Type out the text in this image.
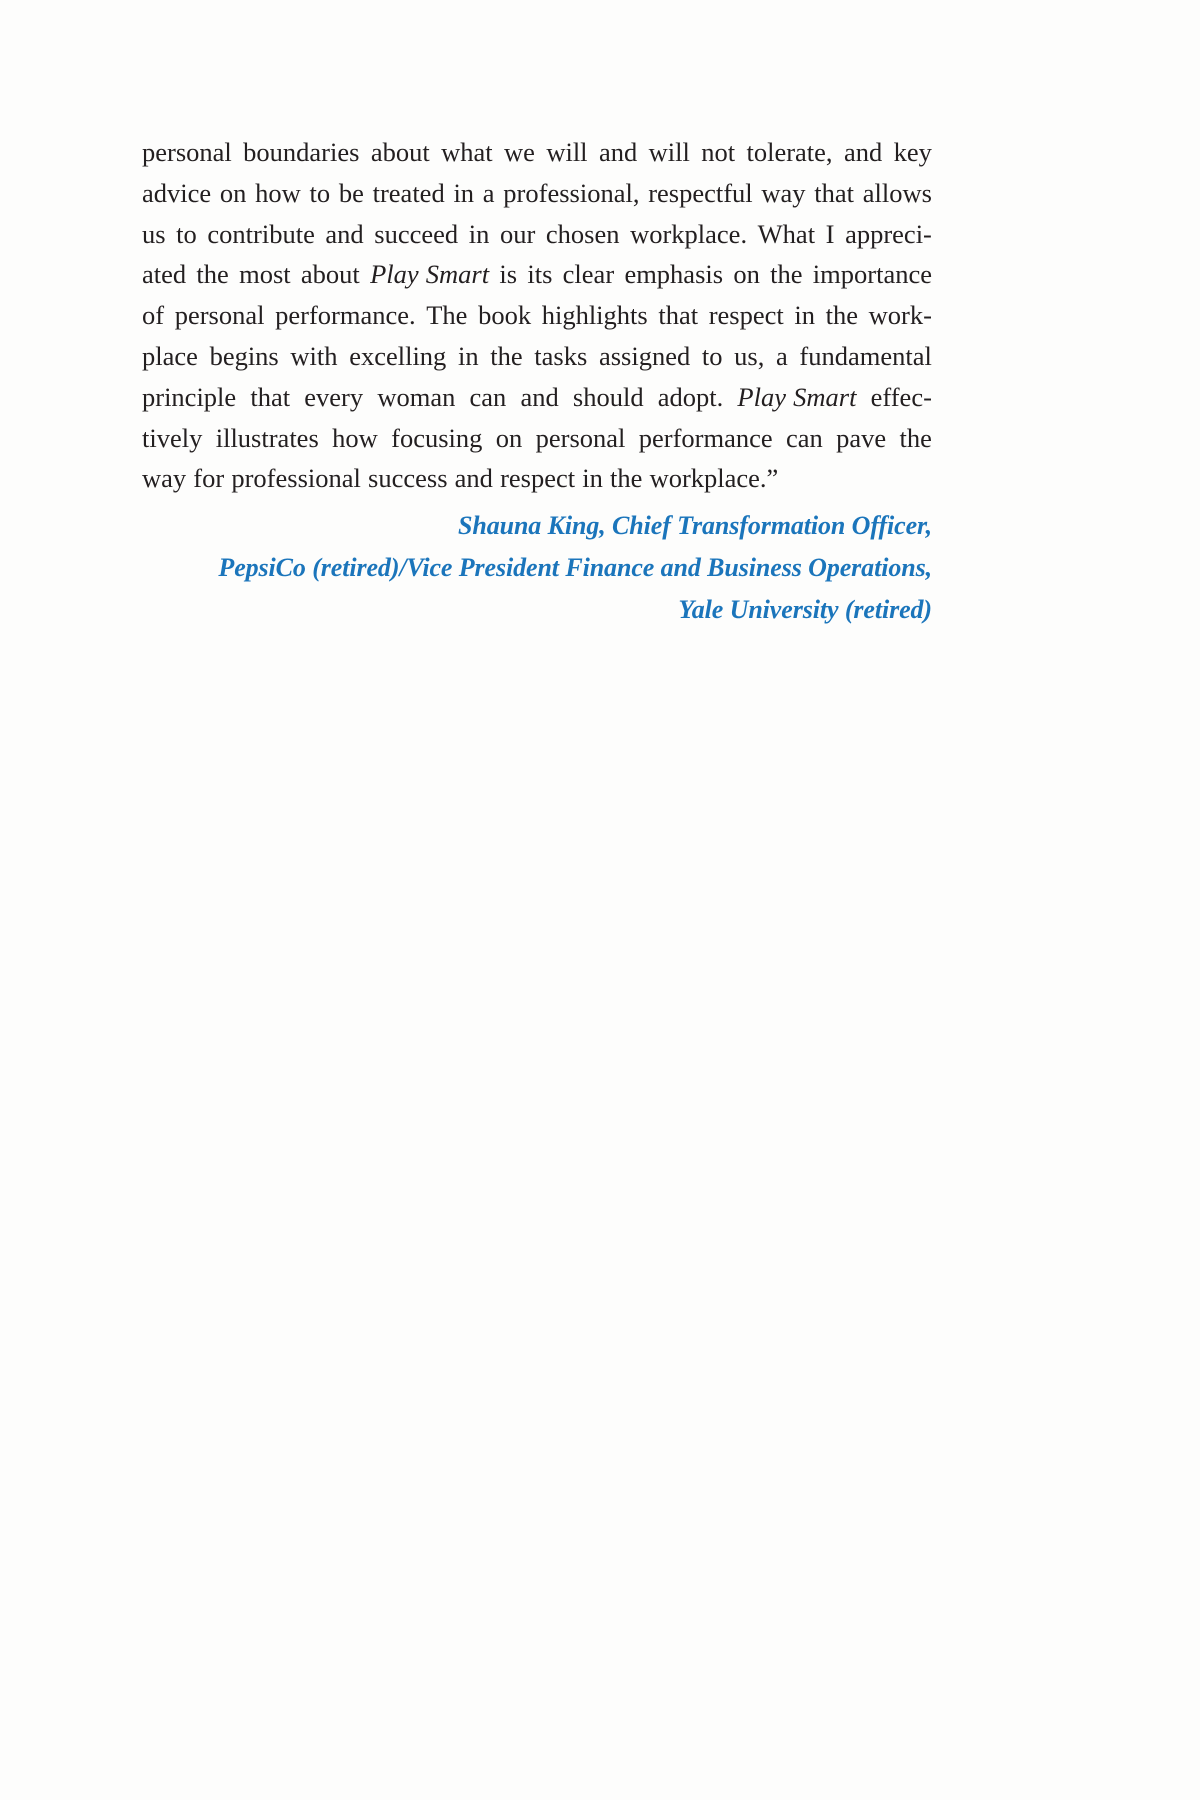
personal boundaries about what we will and will not tolerate, and key
advice on how to be treated in a professional, respectful way that allows
us to contribute and succeed in our chosen workplace. What I appreci-
ated the most about Play Smart is its clear emphasis on the importance
of personal performance. The book highlights that respect in the work-
place begins with excelling in the tasks assigned to us, a fundamental
principle that every woman can and should adopt. Play Smart effec-
tively illustrates how focusing on personal performance can pave the
way for professional success and respect in the workplace.”
Shauna King, Chief Transformation Officer,
PepsiCo (retired)/Vice President Finance and Business Operations,
Yale University (retired)
